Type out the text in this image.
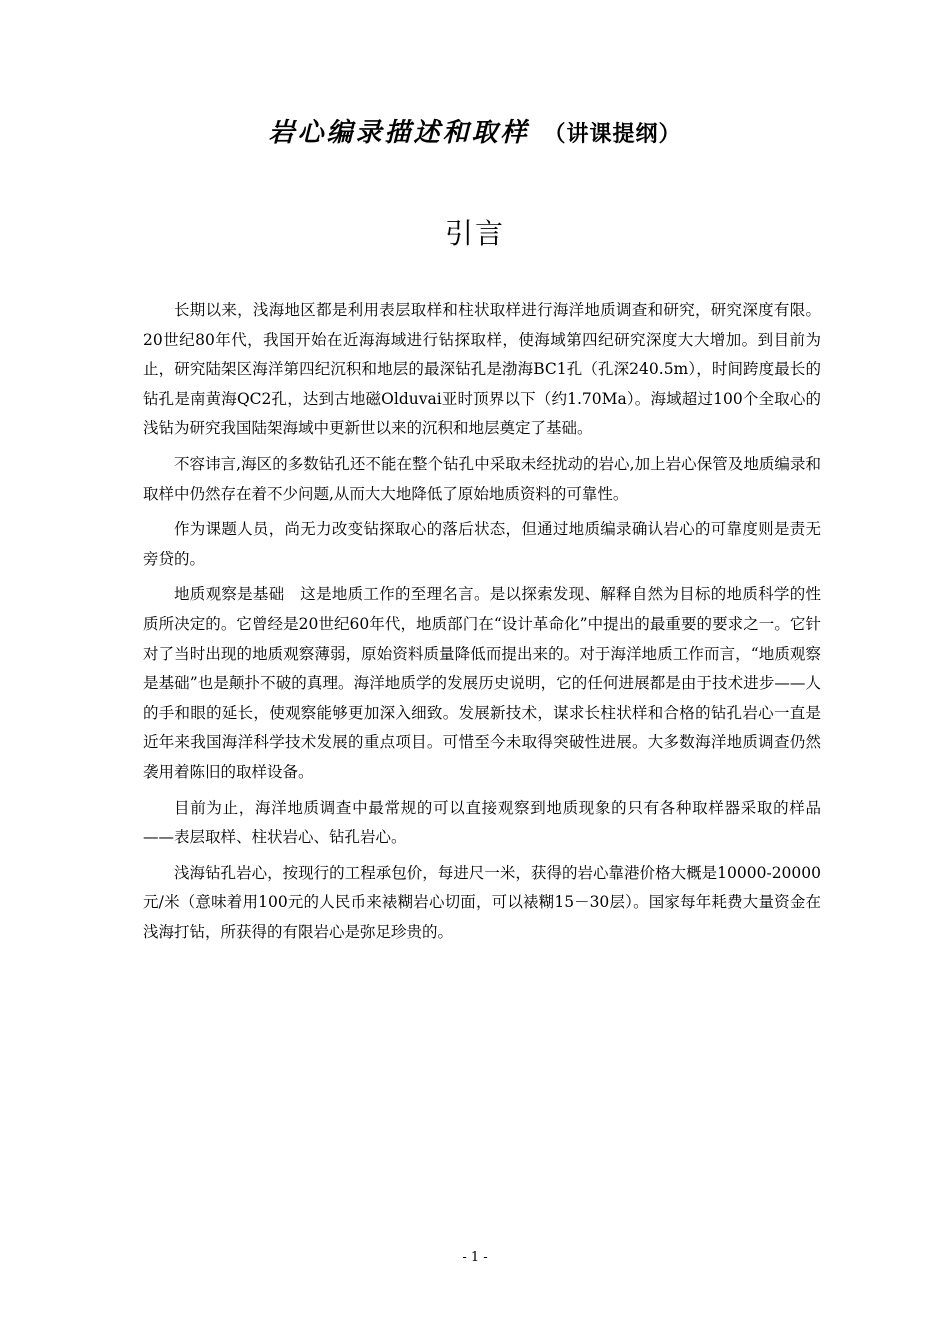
岩心编录描述和取样 （讲课提纲）
引言

长期以来，浅海地区都是利用表层取样和柱状取样进行海洋地质调查和研究，研究深度有限。20世纪80年代，我国开始在近海海域进行钻探取样，使海域第四纪研究深度大大增加。到目前为止，研究陆架区海洋第四纪沉积和地层的最深钻孔是渤海BC1孔（孔深240.5m），时间跨度最长的钻孔是南黄海QC2孔，达到古地磁Olduvai亚时顶界以下（约1.70Ma）。海域超过100个全取心的浅钻为研究我国陆架海域中更新世以来的沉积和地层奠定了基础。

不容讳言,海区的多数钻孔还不能在整个钻孔中采取未经扰动的岩心,加上岩心保管及地质编录和取样中仍然存在着不少问题,从而大大地降低了原始地质资料的可靠性。

作为课题人员，尚无力改变钻探取心的落后状态，但通过地质编录确认岩心的可靠度则是责无旁贷的。

地质观察是基础　这是地质工作的至理名言。是以探索发现、解释自然为目标的地质科学的性质所决定的。它曾经是20世纪60年代，地质部门在“设计革命化”中提出的最重要的要求之一。它针对了当时出现的地质观察薄弱，原始资料质量降低而提出来的。对于海洋地质工作而言，“地质观察是基础”也是颠扑不破的真理。海洋地质学的发展历史说明，它的任何进展都是由于技术进步——人的手和眼的延长，使观察能够更加深入细致。发展新技术，谋求长柱状样和合格的钻孔岩心一直是近年来我国海洋科学技术发展的重点项目。可惜至今未取得突破性进展。大多数海洋地质调查仍然袭用着陈旧的取样设备。

目前为止，海洋地质调查中最常规的可以直接观察到地质现象的只有各种取样器采取的样品——表层取样、柱状岩心、钻孔岩心。

浅海钻孔岩心，按现行的工程承包价，每进尺一米，获得的岩心靠港价格大概是10000-20000元/米（意味着用100元的人民币来裱糊岩心切面，可以裱糊15－30层）。国家每年耗费大量资金在浅海打钻，所获得的有限岩心是弥足珍贵的。

- 1 -
